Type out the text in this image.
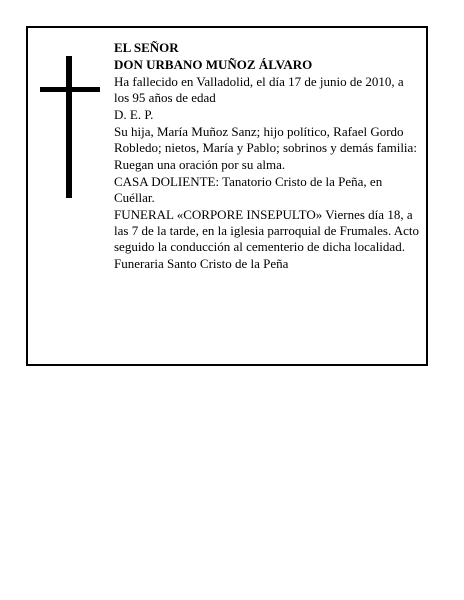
EL SEÑOR

DON URBANO MUÑOZ ÁLVARO

Ha fallecido en Valladolid, el día 17 de junio de 2010, a los 95 años de edad

D. E. P.

Su hija, María Muñoz Sanz; hijo político, Rafael Gordo Robledo; nietos, María y Pablo; sobrinos y demás familia:

Ruegan una oración por su alma.

CASA DOLIENTE: Tanatorio Cristo de la Peña, en Cuéllar.

FUNERAL «CORPORE INSEPULTO» Viernes día 18, a las 7 de la tarde, en la iglesia parroquial de Frumales. Acto seguido la conducción al cementerio de dicha localidad.

Funeraria Santo Cristo de la Peña
